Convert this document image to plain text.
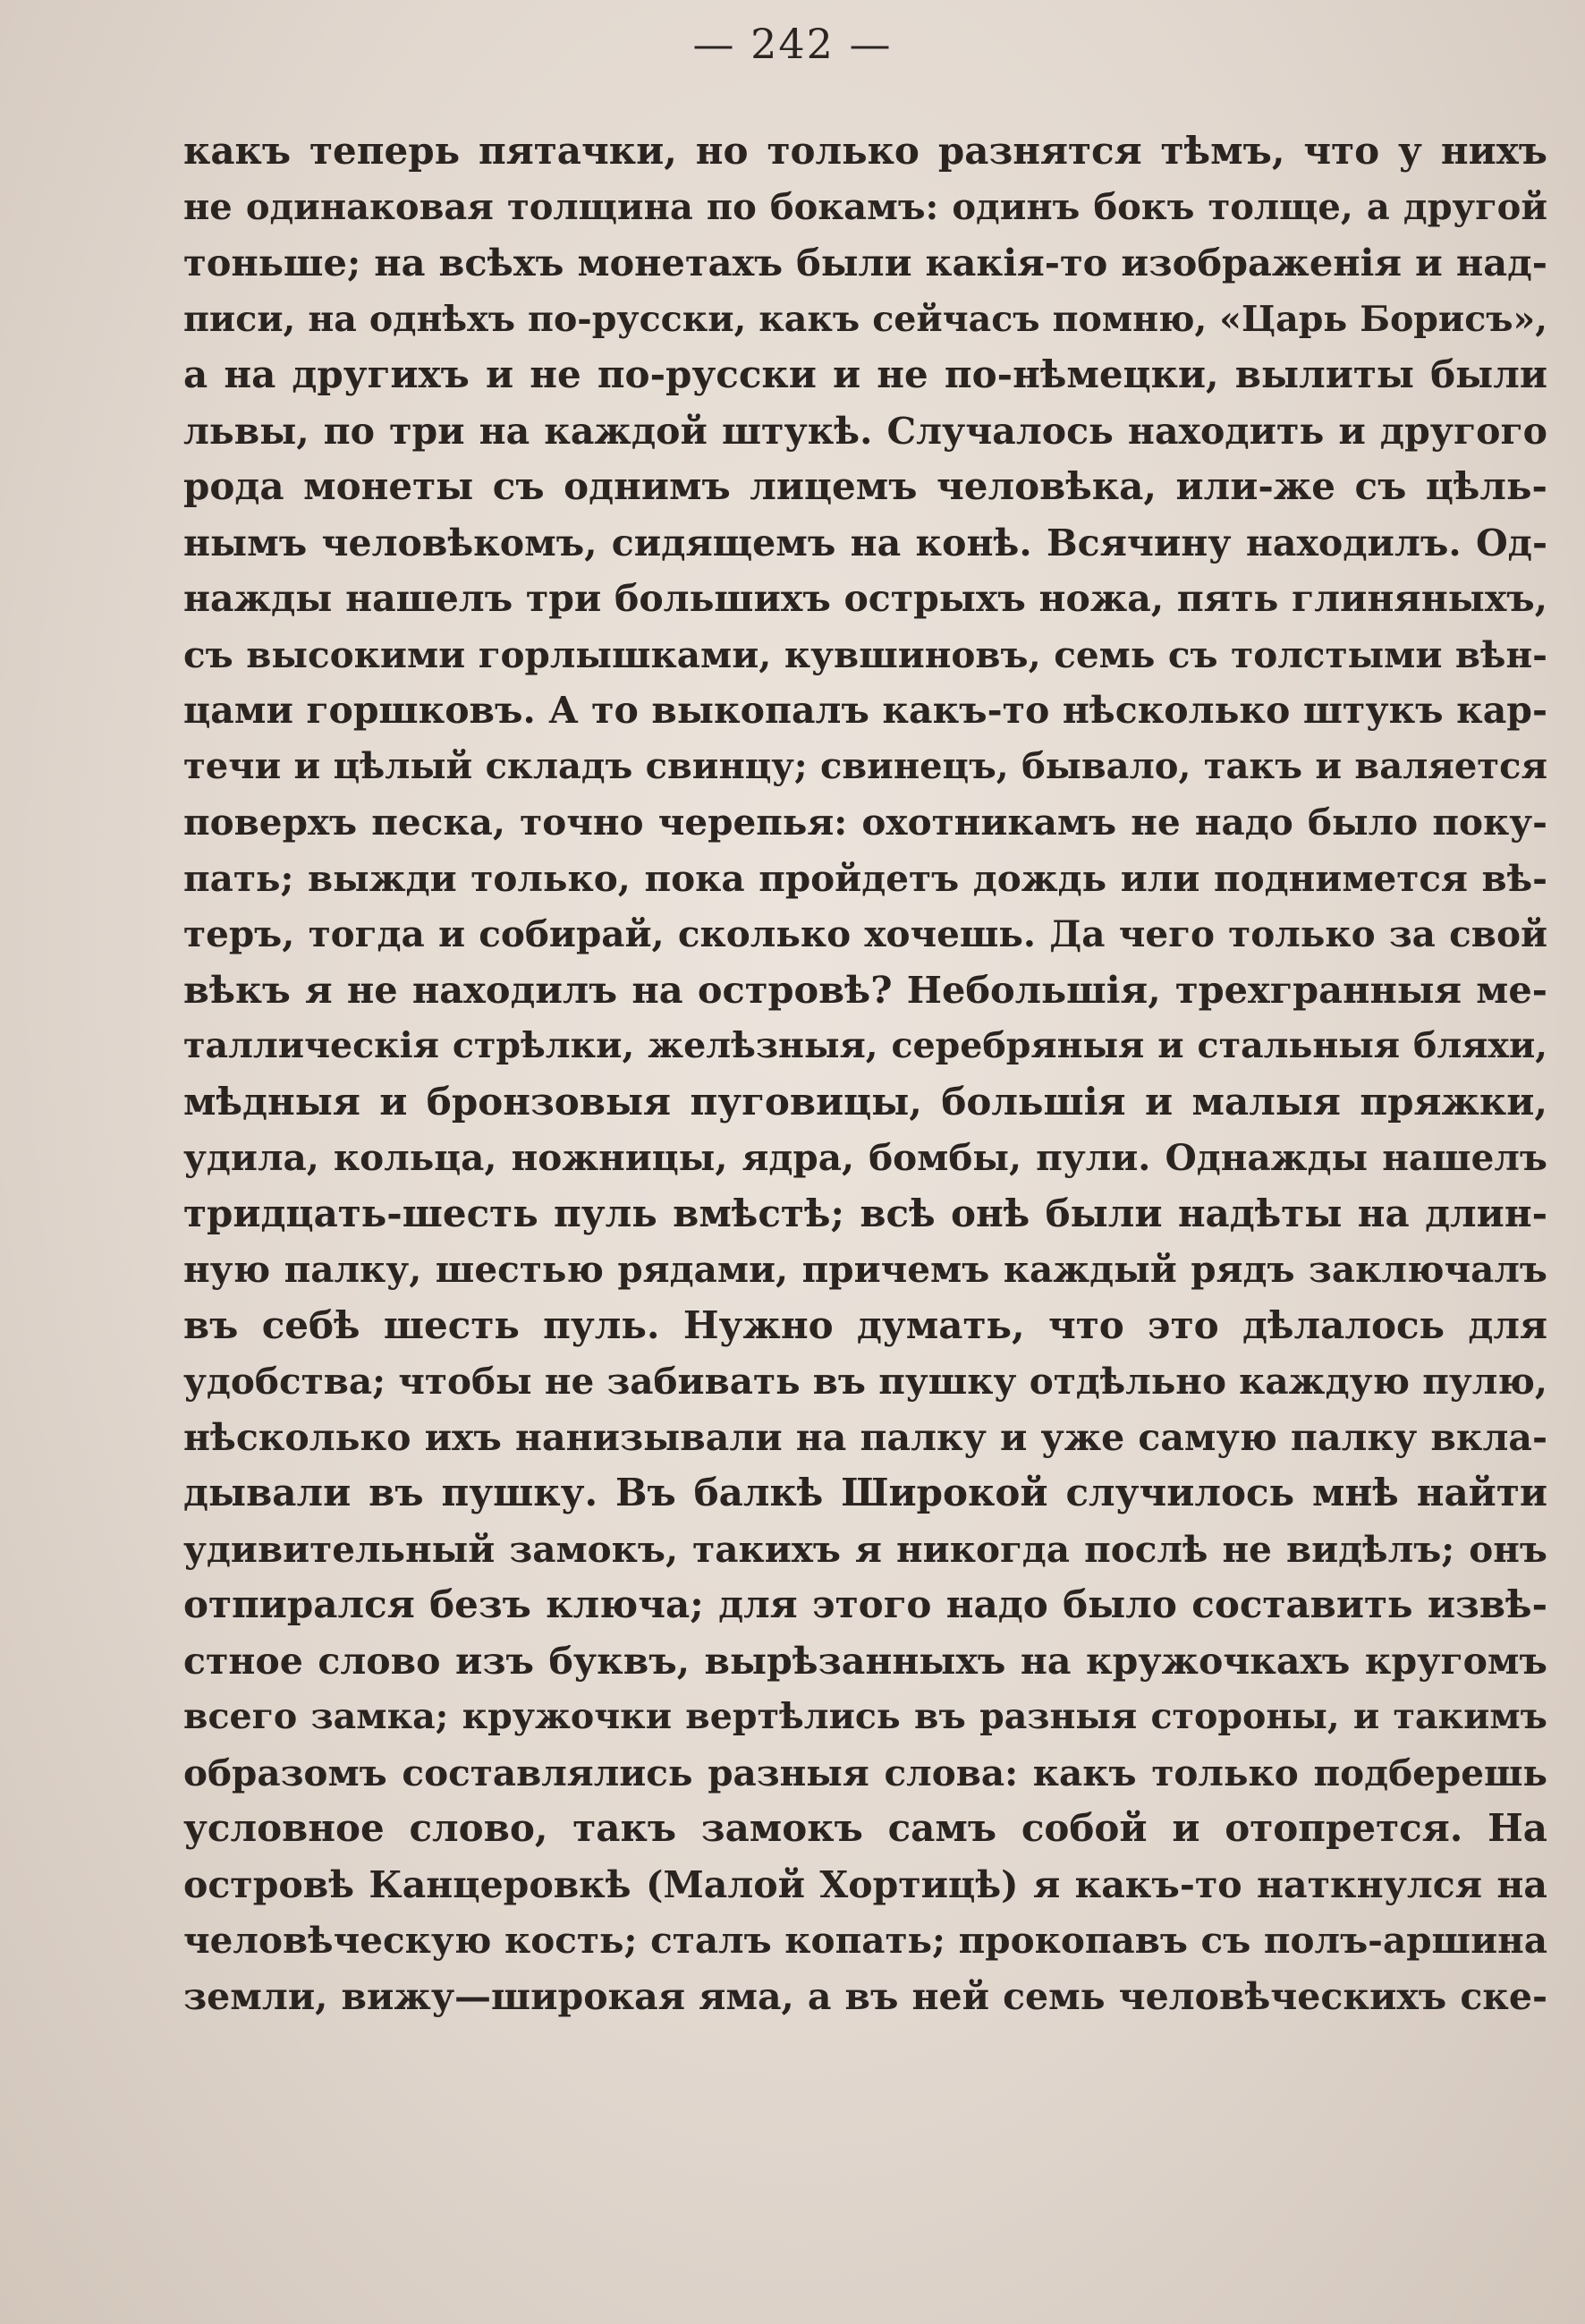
— 242 —
какъ теперь пятачки, но только разнятся тѣмъ, что у нихъ
не одинаковая толщина по бокамъ: одинъ бокъ толще, а другой
тоньше; на всѣхъ монетахъ были какія-то изображенія и над-
писи, на однѣхъ по-русски, какъ сейчасъ помню, «Царь Борисъ»,
а на другихъ и не по-русски и не по-нѣмецки, вылиты были
львы, по три на каждой штукѣ. Случалось находить и другого
рода монеты съ однимъ лицемъ человѣка, или-же съ цѣль-
нымъ человѣкомъ, сидящемъ на конѣ. Всячину находилъ. Од-
нажды нашелъ три большихъ острыхъ ножа, пять глиняныхъ,
съ высокими горлышками, кувшиновъ, семь съ толстыми вѣн-
цами горшковъ. А то выкопалъ какъ-то нѣсколько штукъ кар-
течи и цѣлый складъ свинцу; свинецъ, бывало, такъ и валяется
поверхъ песка, точно черепья: охотникамъ не надо было поку-
пать; выжди только, пока пройдетъ дождь или поднимется вѣ-
теръ, тогда и собирай, сколько хочешь. Да чего только за свой
вѣкъ я не находилъ на островѣ? Небольшія, трехгранныя ме-
таллическія стрѣлки, желѣзныя, серебряныя и стальныя бляхи,
мѣдныя и бронзовыя пуговицы, большія и малыя пряжки,
удила, кольца, ножницы, ядра, бомбы, пули. Однажды нашелъ
тридцать-шесть пуль вмѣстѣ; всѣ онѣ были надѣты на длин-
ную палку, шестью рядами, причемъ каждый рядъ заключалъ
въ себѣ шесть пуль. Нужно думать, что это дѣлалось для
удобства; чтобы не забивать въ пушку отдѣльно каждую пулю,
нѣсколько ихъ нанизывали на палку и уже самую палку вкла-
дывали въ пушку. Въ балкѣ Широкой случилось мнѣ найти
удивительный замокъ, такихъ я никогда послѣ не видѣлъ; онъ
отпирался безъ ключа; для этого надо было составить извѣ-
стное слово изъ буквъ, вырѣзанныхъ на кружочкахъ кругомъ
всего замка; кружочки вертѣлись въ разныя стороны, и такимъ
образомъ составлялись разныя слова: какъ только подберешь
условное слово, такъ замокъ самъ собой и отопрется. На
островѣ Канцеровкѣ (Малой Хортицѣ) я какъ-то наткнулся на
человѣческую кость; сталъ копать; прокопавъ съ полъ-аршина
земли, вижу—широкая яма, а въ ней семь человѣческихъ ске-
